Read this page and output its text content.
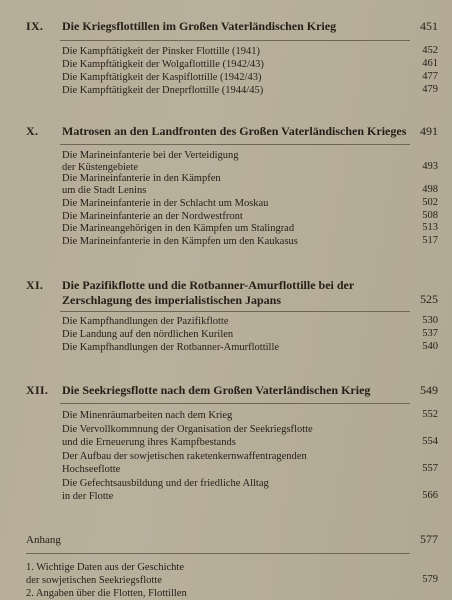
IX. Die Kriegsflottillen im Großen Vaterländischen Krieg	451
Die Kampftätigkeit der Pinsker Flottille (1941)	452
Die Kampftätigkeit der Wolgaflottille (1942/43)	461
Die Kampftätigkeit der Kaspiflottille (1942/43)	477
Die Kampftätigkeit der Dneprflottille (1944/45)	479
X. Matrosen an den Landfronten des Großen Vaterländischen Krieges 491
Die Marineinfanterie bei der Verteidigung
der Küstengebiete	493
Die Marineinfanterie in den Kämpfen
um die Stadt Lenins	498
Die Marineinfanterie in der Schlacht um Moskau	502
Die Marineinfanterie an der Nordwestfront	508
Die Marineangehörigen in den Kämpfen um Stalingrad	513
Die Marineinfanterie in den Kämpfen um den Kaukasus	517
XI. Die Pazifikflotte und die Rotbanner-Amurflottille bei der Zerschlagung des imperialistischen Japans	525
Die Kampfhandlungen der Pazifikflotte	530
Die Landung auf den nördlichen Kurilen	537
Die Kampfhandlungen der Rotbanner-Amurflottille	540
XII. Die Seekriegsflotte nach dem Großen Vaterländischen Krieg	549
Die Minenräumarbeiten nach dem Krieg	552
Die Vervollkommnung der Organisation der Seekriegsflotte
und die Erneuerung ihres Kampfbestands	554
Der Aufbau der sowjetischen raketenkernwaffentragenden
Hochseeflotte	557
Die Gefechtsausbildung und der friedliche Alltag
in der Flotte	566
Anhang	577
1. Wichtige Daten aus der Geschichte
der sowjetischen Seekriegsflotte	579
2. Angaben über die Flotten, Flottillen
